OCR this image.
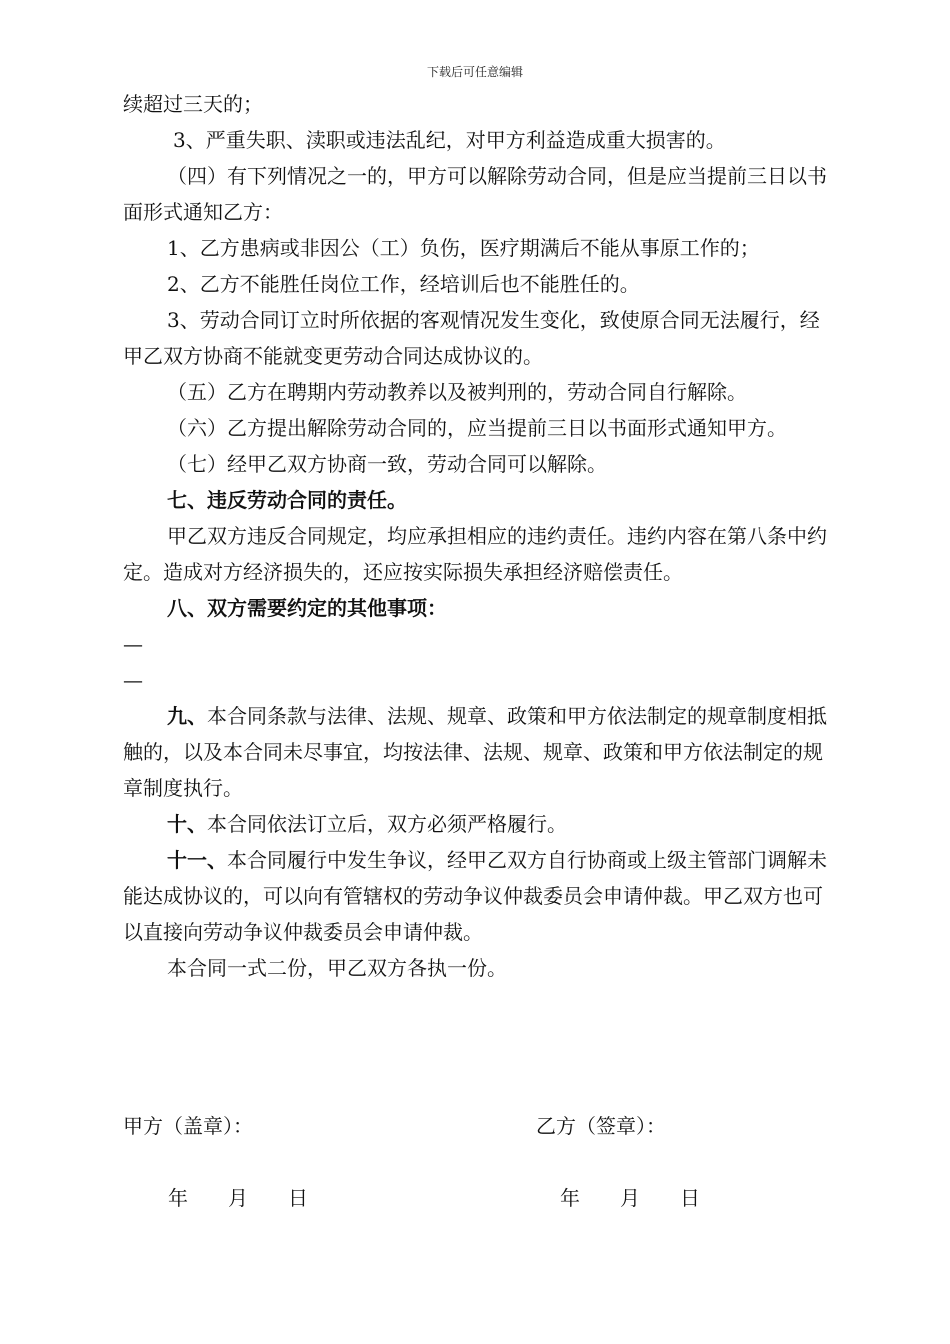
下载后可任意编辑

续超过三天的；

3、严重失职、渎职或违法乱纪，对甲方利益造成重大损害的。

（四）有下列情况之一的，甲方可以解除劳动合同，但是应当提前三日以书面形式通知乙方：

1、乙方患病或非因公（工）负伤，医疗期满后不能从事原工作的；

2、乙方不能胜任岗位工作，经培训后也不能胜任的。

3、劳动合同订立时所依据的客观情况发生变化，致使原合同无法履行，经甲乙双方协商不能就变更劳动合同达成协议的。

（五）乙方在聘期内劳动教养以及被判刑的，劳动合同自行解除。

（六）乙方提出解除劳动合同的，应当提前三日以书面形式通知甲方。

（七）经甲乙双方协商一致，劳动合同可以解除。

七、违反劳动合同的责任。

甲乙双方违反合同规定，均应承担相应的违约责任。违约内容在第八条中约定。造成对方经济损失的，还应按实际损失承担经济赔偿责任。

八、双方需要约定的其他事项：

—

—

九、本合同条款与法律、法规、规章、政策和甲方依法制定的规章制度相抵触的，以及本合同未尽事宜，均按法律、法规、规章、政策和甲方依法制定的规章制度执行。

十、本合同依法订立后，双方必须严格履行。

十一、本合同履行中发生争议，经甲乙双方自行协商或上级主管部门调解未能达成协议的，可以向有管辖权的劳动争议仲裁委员会申请仲裁。甲乙双方也可以直接向劳动争议仲裁委员会申请仲裁。

本合同一式二份，甲乙双方各执一份。

甲方（盖章）：	乙方（签章）：
年　　月　　日	年　　月　　日
